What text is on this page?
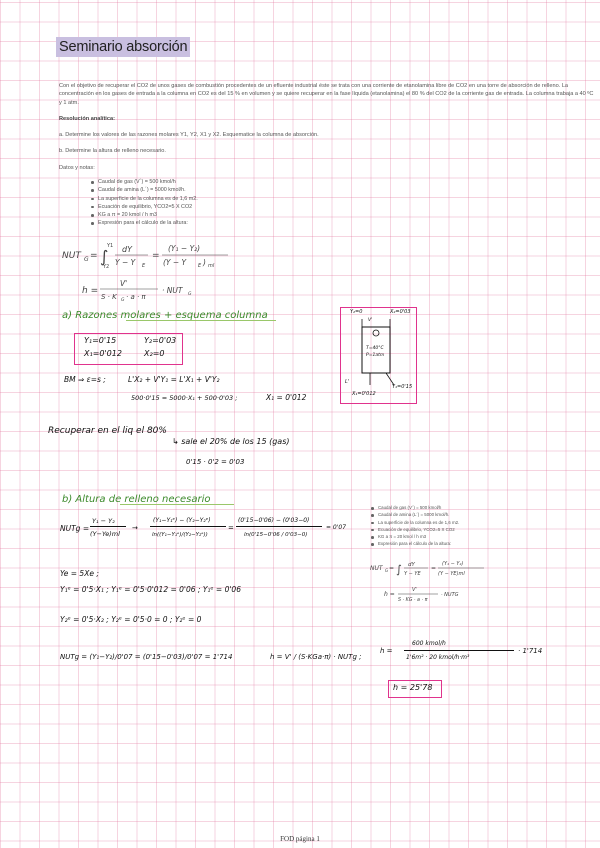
Seminario absorción
Con el objetivo de recuperar el CO2 de unos gases de combustión procedentes de un efluente industrial éste se trata con una corriente de etanolamina libre de CO2 en una torre de absorción de relleno. La concentración en los gases de entrada a la columna en CO2 es del 15 % en volumen y se quiere recuperar en la fase líquida (etanolamina) el 80 % del CO2 de la corriente gas de entrada. La columna trabaja a 40 ºC y 1 atm.
Resolución analítica:
a. Determine los valores de las razones molares Y1, Y2, X1 y X2. Esquematice la columna de absorción.
b. Determine la altura de relleno necesario.
Datos y notas:
Caudal de gas (V´) = 500 kmol/h
Caudal de amina (L´) = 5000 kmol/h.
La superficie de la columna es de 1,6 m2.
Ecuación de equilibrio, YCO2=5 X CO2
KG a π = 20 kmol / h m3
Expresión para el cálculo de la altura:
NUT G = ∫
Y1
Y2
dY
Y − Y E
=
(Y₁ − Y₂)
(Y − Y E ) ml
h =
V'
S · K G · a · π
· NUT	G
a) Razones molares + esquema columna
Y₁=0'15	Y₂=0'03
X₁=0'012	X₂=0
Y₂=0	X₂=0'03
V'
T=40°C
P=1atm
L'
Y₁=0'15
X₁=0'012
BM ⇒ ε=s ;	L'X₂ + V'Y₁ = L'X₁ + V'Y₂
500·0'15 = 5000·X₁ + 500·0'03 ;	X₁ = 0'012
Recuperar en el liq el 80%
↳ sale el 20% de los 15 (gas)
0'15 · 0'2 = 0'03
b) Altura de relleno necesario
NUTg =
Y₁ − Y₂
(Y−Ye)ml
→
(Y₁−Y₁ᵉ) − (Y₂−Y₂ᵉ)
ln((Y₁−Y₁ᵉ)/(Y₂−Y₂ᵉ))
=
(0'15−0'06) − (0'03−0)
ln(0'15−0'06 / 0'03−0)
= 0'07
Caudal de gas (V´) = 500 kmol/h
Caudal de amina (L´) = 5000 kmol/h.
La superficie de la columna es de 1,6 m2.
Ecuación de equilibrio, YCO2=5 X CO2
KG a π = 20 kmol / h m3
Expresión para el cálculo de la altura:
NUT G = ∫ dY
Y − YE
=
(Y₁ − Y₂)
(Y − YE)ml
h =
V'
S · KG · a · π
· NUTG
Ye = 5Xe ;
Y₁ᵉ = 0'5·X₁ ; Y₁ᵉ = 0'5·0'012 = 0'06 ; Y₁ᵉ = 0'06
Y₂ᵉ = 0'5·X₂ ; Y₂ᵉ = 0'5·0 = 0 ; Y₂ᵉ = 0
NUTg = (Y₁−Y₂)/0'07 = (0'15−0'03)/0'07 = 1'714	h = V' / (S·KGa·π) · NUTg ;
h =
600 kmol/h
1'6m² · 20 kmol/h·m³
· 1'714
h = 25'78
FOD página 1
